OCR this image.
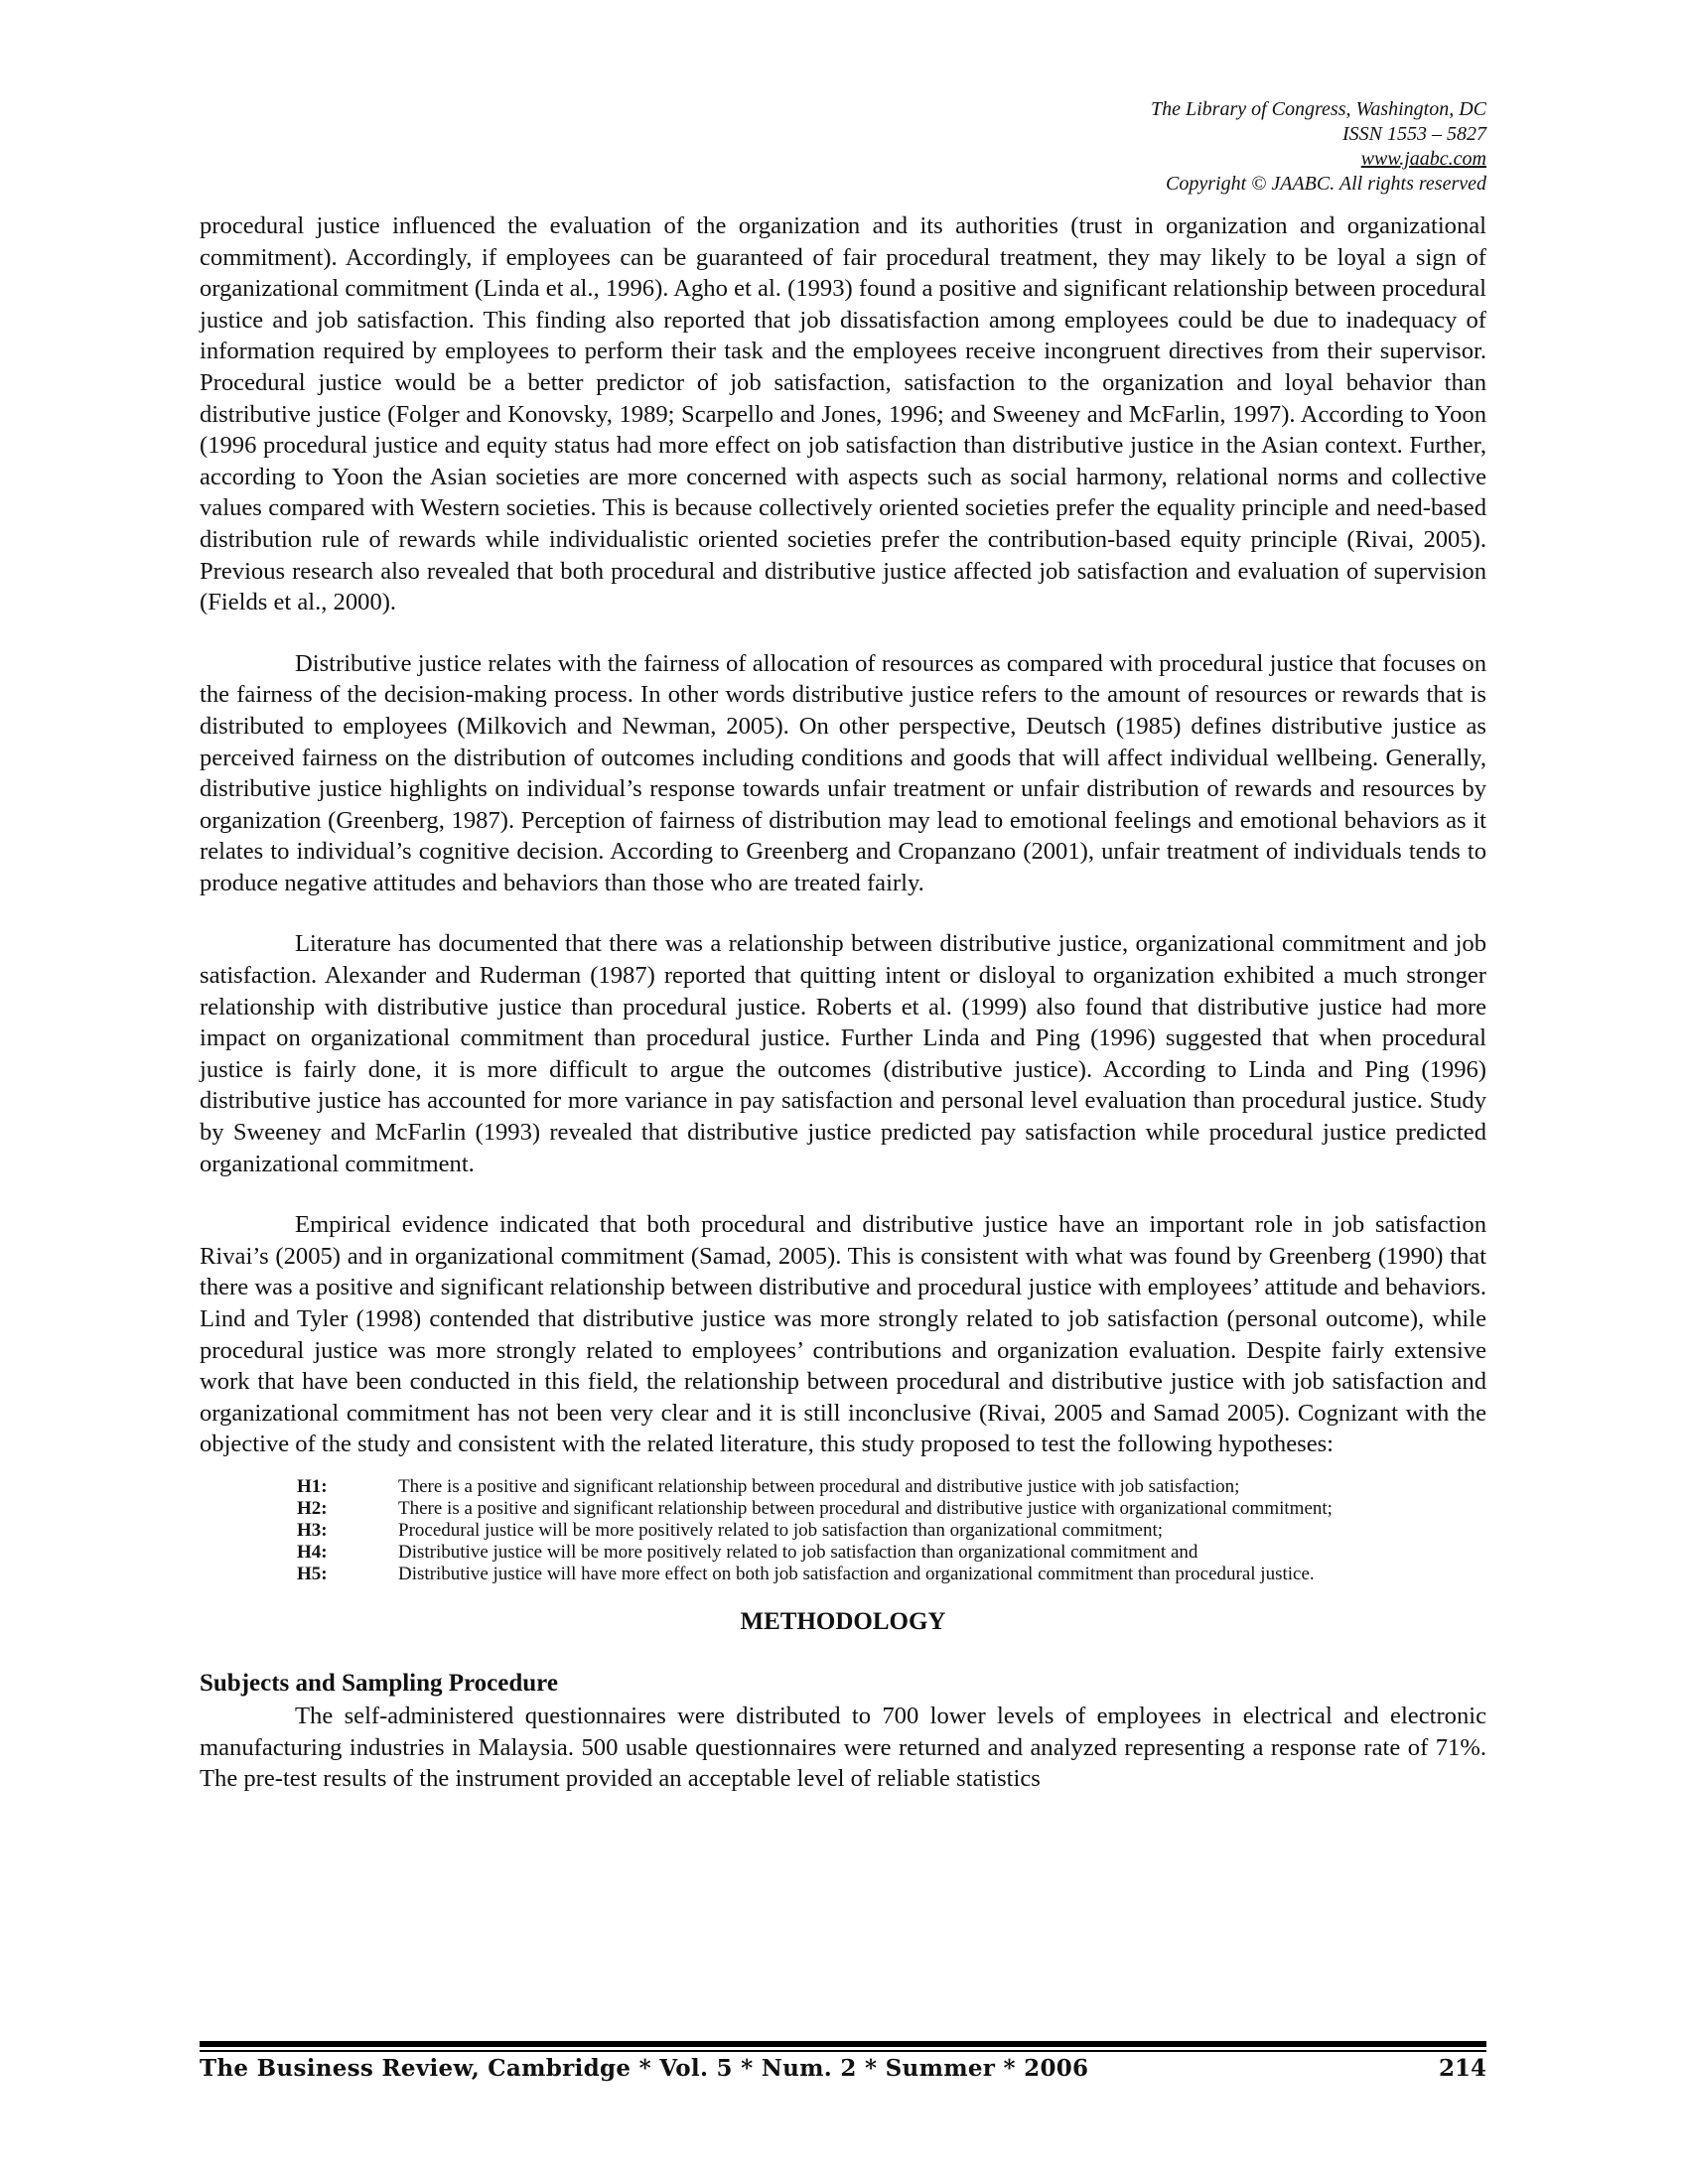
The Library of Congress, Washington, DC
ISSN 1553 – 5827
www.jaabc.com
Copyright © JAABC. All rights reserved

procedural justice influenced the evaluation of the organization and its authorities (trust in organization and organizational commitment). Accordingly, if employees can be guaranteed of fair procedural treatment, they may likely to be loyal a sign of organizational commitment (Linda et al., 1996). Agho et al. (1993) found a positive and significant relationship between procedural justice and job satisfaction. This finding also reported that job dissatisfaction among employees could be due to inadequacy of information required by employees to perform their task and the employees receive incongruent directives from their supervisor. Procedural justice would be a better predictor of job satisfaction, satisfaction to the organization and loyal behavior than distributive justice (Folger and Konovsky, 1989; Scarpello and Jones, 1996; and Sweeney and McFarlin, 1997). According to Yoon (1996 procedural justice and equity status had more effect on job satisfaction than distributive justice in the Asian context. Further, according to Yoon the Asian societies are more concerned with aspects such as social harmony, relational norms and collective values compared with Western societies. This is because collectively oriented societies prefer the equality principle and need-based distribution rule of rewards while individualistic oriented societies prefer the contribution-based equity principle (Rivai, 2005). Previous research also revealed that both procedural and distributive justice affected job satisfaction and evaluation of supervision (Fields et al., 2000).

Distributive justice relates with the fairness of allocation of resources as compared with procedural justice that focuses on the fairness of the decision-making process. In other words distributive justice refers to the amount of resources or rewards that is distributed to employees (Milkovich and Newman, 2005). On other perspective, Deutsch (1985) defines distributive justice as perceived fairness on the distribution of outcomes including conditions and goods that will affect individual wellbeing. Generally, distributive justice highlights on individual’s response towards unfair treatment or unfair distribution of rewards and resources by organization (Greenberg, 1987). Perception of fairness of distribution may lead to emotional feelings and emotional behaviors as it relates to individual’s cognitive decision. According to Greenberg and Cropanzano (2001), unfair treatment of individuals tends to produce negative attitudes and behaviors than those who are treated fairly.

Literature has documented that there was a relationship between distributive justice, organizational commitment and job satisfaction. Alexander and Ruderman (1987) reported that quitting intent or disloyal to organization exhibited a much stronger relationship with distributive justice than procedural justice. Roberts et al. (1999) also found that distributive justice had more impact on organizational commitment than procedural justice. Further Linda and Ping (1996) suggested that when procedural justice is fairly done, it is more difficult to argue the outcomes (distributive justice). According to Linda and Ping (1996) distributive justice has accounted for more variance in pay satisfaction and personal level evaluation than procedural justice. Study by Sweeney and McFarlin (1993) revealed that distributive justice predicted pay satisfaction while procedural justice predicted organizational commitment.

Empirical evidence indicated that both procedural and distributive justice have an important role in job satisfaction Rivai’s (2005) and in organizational commitment (Samad, 2005). This is consistent with what was found by Greenberg (1990) that there was a positive and significant relationship between distributive and procedural justice with employees’ attitude and behaviors. Lind and Tyler (1998) contended that distributive justice was more strongly related to job satisfaction (personal outcome), while procedural justice was more strongly related to employees’ contributions and organization evaluation. Despite fairly extensive work that have been conducted in this field, the relationship between procedural and distributive justice with job satisfaction and organizational commitment has not been very clear and it is still inconclusive (Rivai, 2005 and Samad 2005). Cognizant with the objective of the study and consistent with the related literature, this study proposed to test the following hypotheses:

H1:	There is a positive and significant relationship between procedural and distributive justice with job satisfaction;
H2:	There is a positive and significant relationship between procedural and distributive justice with organizational commitment;
H3:	Procedural justice will be more positively related to job satisfaction than organizational commitment;
H4:	Distributive justice will be more positively related to job satisfaction than organizational commitment and
H5:	Distributive justice will have more effect on both job satisfaction and organizational commitment than procedural justice.
METHODOLOGY
Subjects and Sampling Procedure

The self-administered questionnaires were distributed to 700 lower levels of employees in electrical and electronic manufacturing industries in Malaysia. 500 usable questionnaires were returned and analyzed representing a response rate of 71%. The pre-test results of the instrument provided an acceptable level of reliable statistics

The Business Review, Cambridge * Vol. 5 * Num. 2 * Summer * 2006	214
